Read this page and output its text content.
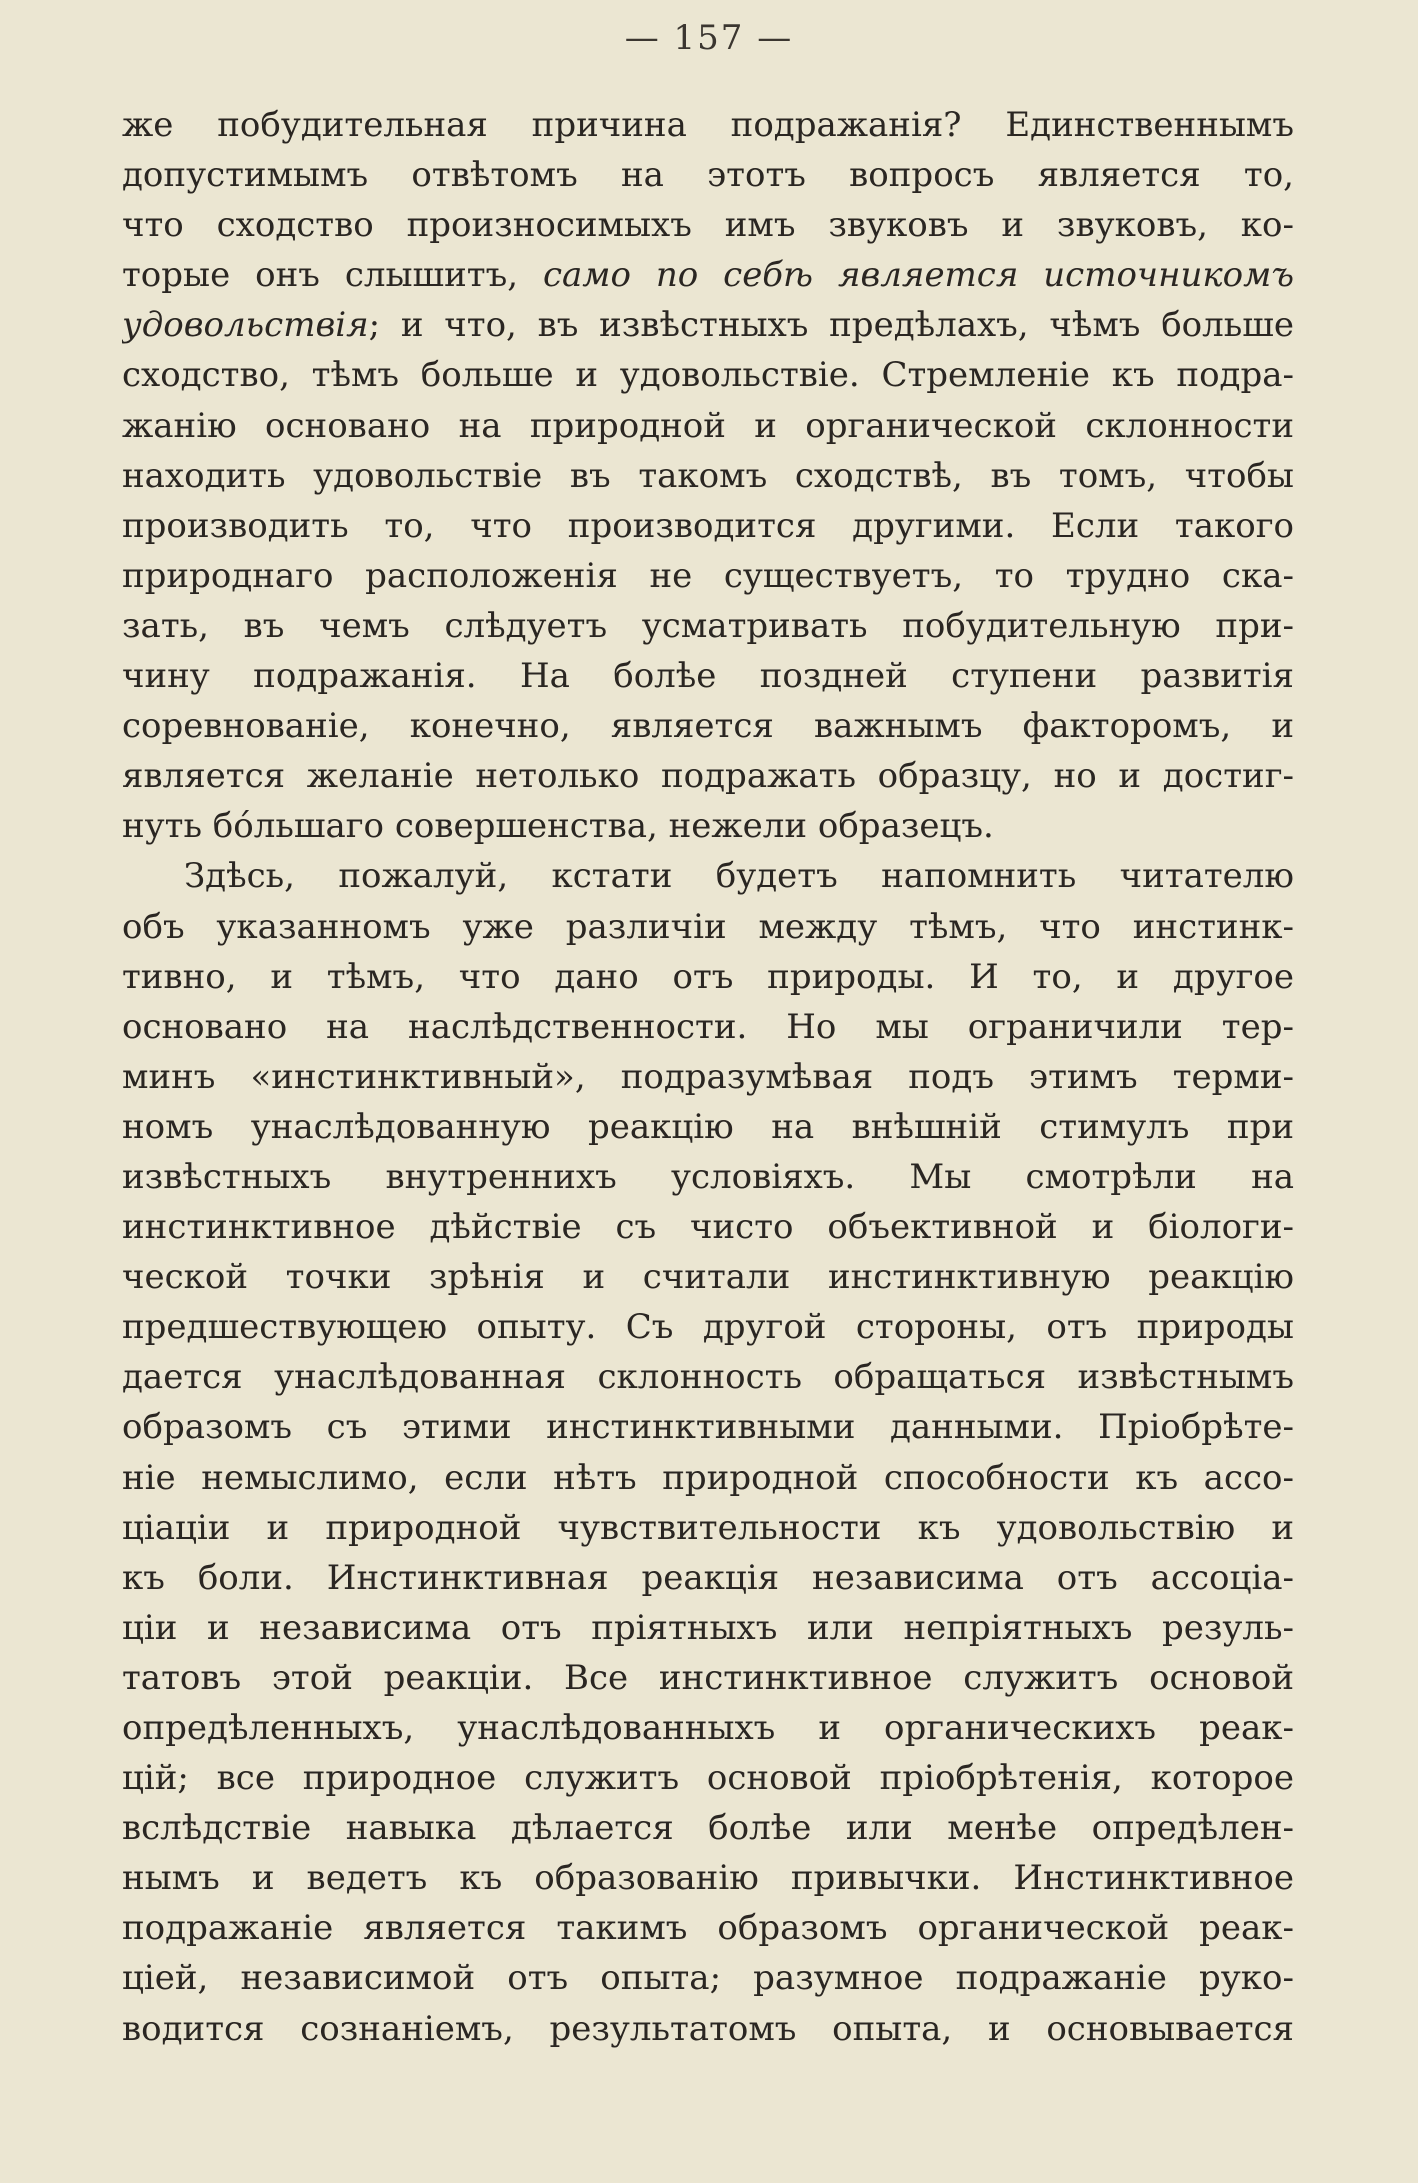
— 157 —
же побудительная причина подражанія? Единственнымъ
допустимымъ отвѣтомъ на этотъ вопросъ является то,
что сходство произносимыхъ имъ звуковъ и звуковъ, ко-
торые онъ слышитъ, само по себѣ является источникомъ
удовольствія; и что, въ извѣстныхъ предѣлахъ, чѣмъ больше
сходство, тѣмъ больше и удовольствіе. Стремленіе къ подра-
жанію основано на природной и органической склонности
находить удовольствіе въ такомъ сходствѣ, въ томъ, чтобы
производить то, что производится другими. Если такого
природнаго расположенія не существуетъ, то трудно ска-
зать, въ чемъ слѣдуетъ усматривать побудительную при-
чину подражанія. На болѣе поздней ступени развитія
соревнованіе, конечно, является важнымъ факторомъ, и
является желаніе нетолько подражать образцу, но и достиг-
нуть бóльшаго совершенства, нежели образецъ.
Здѣсь, пожалуй, кстати будетъ напомнить читателю
объ указанномъ уже различіи между тѣмъ, что инстинк-
тивно, и тѣмъ, что дано отъ природы. И то, и другое
основано на наслѣдственности. Но мы ограничили тер-
минъ «инстинктивный», подразумѣвая подъ этимъ терми-
номъ унаслѣдованную реакцію на внѣшній стимулъ при
извѣстныхъ внутреннихъ условіяхъ. Мы смотрѣли на
инстинктивное дѣйствіе съ чисто объективной и біологи-
ческой точки зрѣнія и считали инстинктивную реакцію
предшествующею опыту. Съ другой стороны, отъ природы
дается унаслѣдованная склонность обращаться извѣстнымъ
образомъ съ этими инстинктивными данными. Пріобрѣте-
ніе немыслимо, если нѣтъ природной способности къ ассо-
ціаціи и природной чувствительности къ удовольствію и
къ боли. Инстинктивная реакція независима отъ ассоціа-
ціи и независима отъ пріятныхъ или непріятныхъ резуль-
татовъ этой реакціи. Все инстинктивное служитъ основой
опредѣленныхъ, унаслѣдованныхъ и органическихъ реак-
цій; все природное служитъ основой пріобрѣтенія, которое
вслѣдствіе навыка дѣлается болѣе или менѣе опредѣлен-
нымъ и ведетъ къ образованію привычки. Инстинктивное
подражаніе является такимъ образомъ органической реак-
ціей, независимой отъ опыта; разумное подражаніе руко-
водится сознаніемъ, результатомъ опыта, и основывается
